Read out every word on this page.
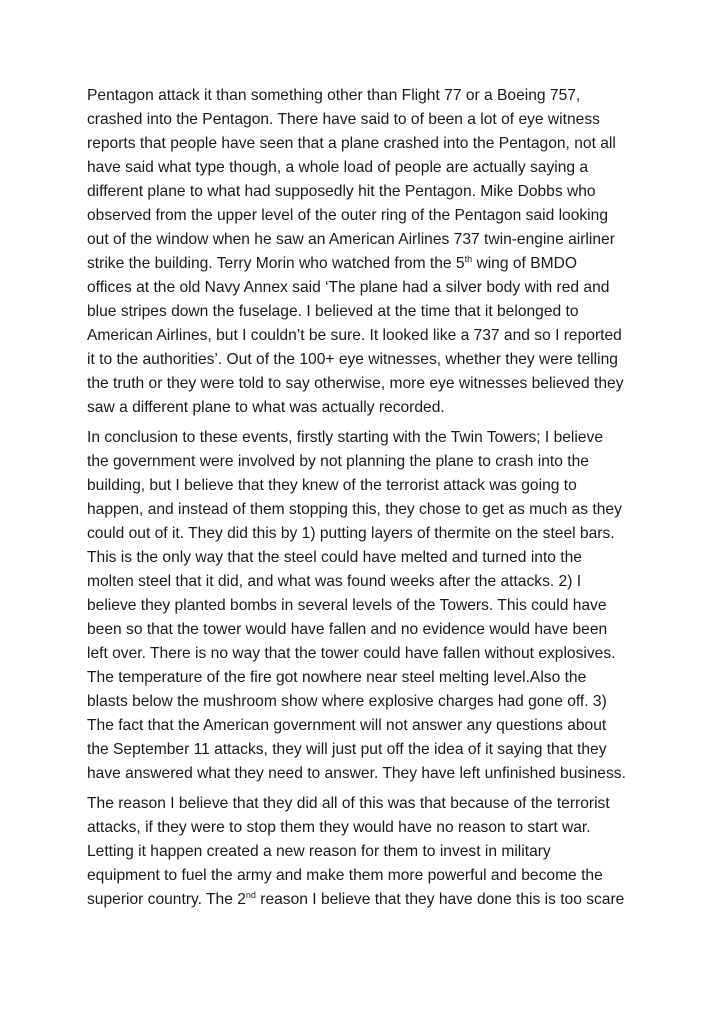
Pentagon attack it than something other than Flight 77 or a Boeing 757,
crashed into the Pentagon. There have said to of been a lot of eye witness
reports that people have seen that a plane crashed into the Pentagon, not all
have said what type though, a whole load of people are actually saying a
different plane to what had supposedly hit the Pentagon. Mike Dobbs who
observed from the upper level of the outer ring of the Pentagon said looking
out of the window when he saw an American Airlines 737 twin-engine airliner
strike the building. Terry Morin who watched from the 5th wing of BMDO
offices at the old Navy Annex said ‘The plane had a silver body with red and
blue stripes down the fuselage. I believed at the time that it belonged to
American Airlines, but I couldn’t be sure. It looked like a 737 and so I reported
it to the authorities’. Out of the 100+ eye witnesses, whether they were telling
the truth or they were told to say otherwise, more eye witnesses believed they
saw a different plane to what was actually recorded.

In conclusion to these events, firstly starting with the Twin Towers; I believe
the government were involved by not planning the plane to crash into the
building, but I believe that they knew of the terrorist attack was going to
happen, and instead of them stopping this, they chose to get as much as they
could out of it. They did this by 1) putting layers of thermite on the steel bars.
This is the only way that the steel could have melted and turned into the
molten steel that it did, and what was found weeks after the attacks. 2) I
believe they planted bombs in several levels of the Towers. This could have
been so that the tower would have fallen and no evidence would have been
left over. There is no way that the tower could have fallen without explosives.
The temperature of the fire got nowhere near steel melting level.Also the
blasts below the mushroom show where explosive charges had gone off. 3)
The fact that the American government will not answer any questions about
the September 11 attacks, they will just put off the idea of it saying that they
have answered what they need to answer. They have left unfinished business.

The reason I believe that they did all of this was that because of the terrorist
attacks, if they were to stop them they would have no reason to start war.
Letting it happen created a new reason for them to invest in military
equipment to fuel the army and make them more powerful and become the
superior country. The 2nd reason I believe that they have done this is too scare
